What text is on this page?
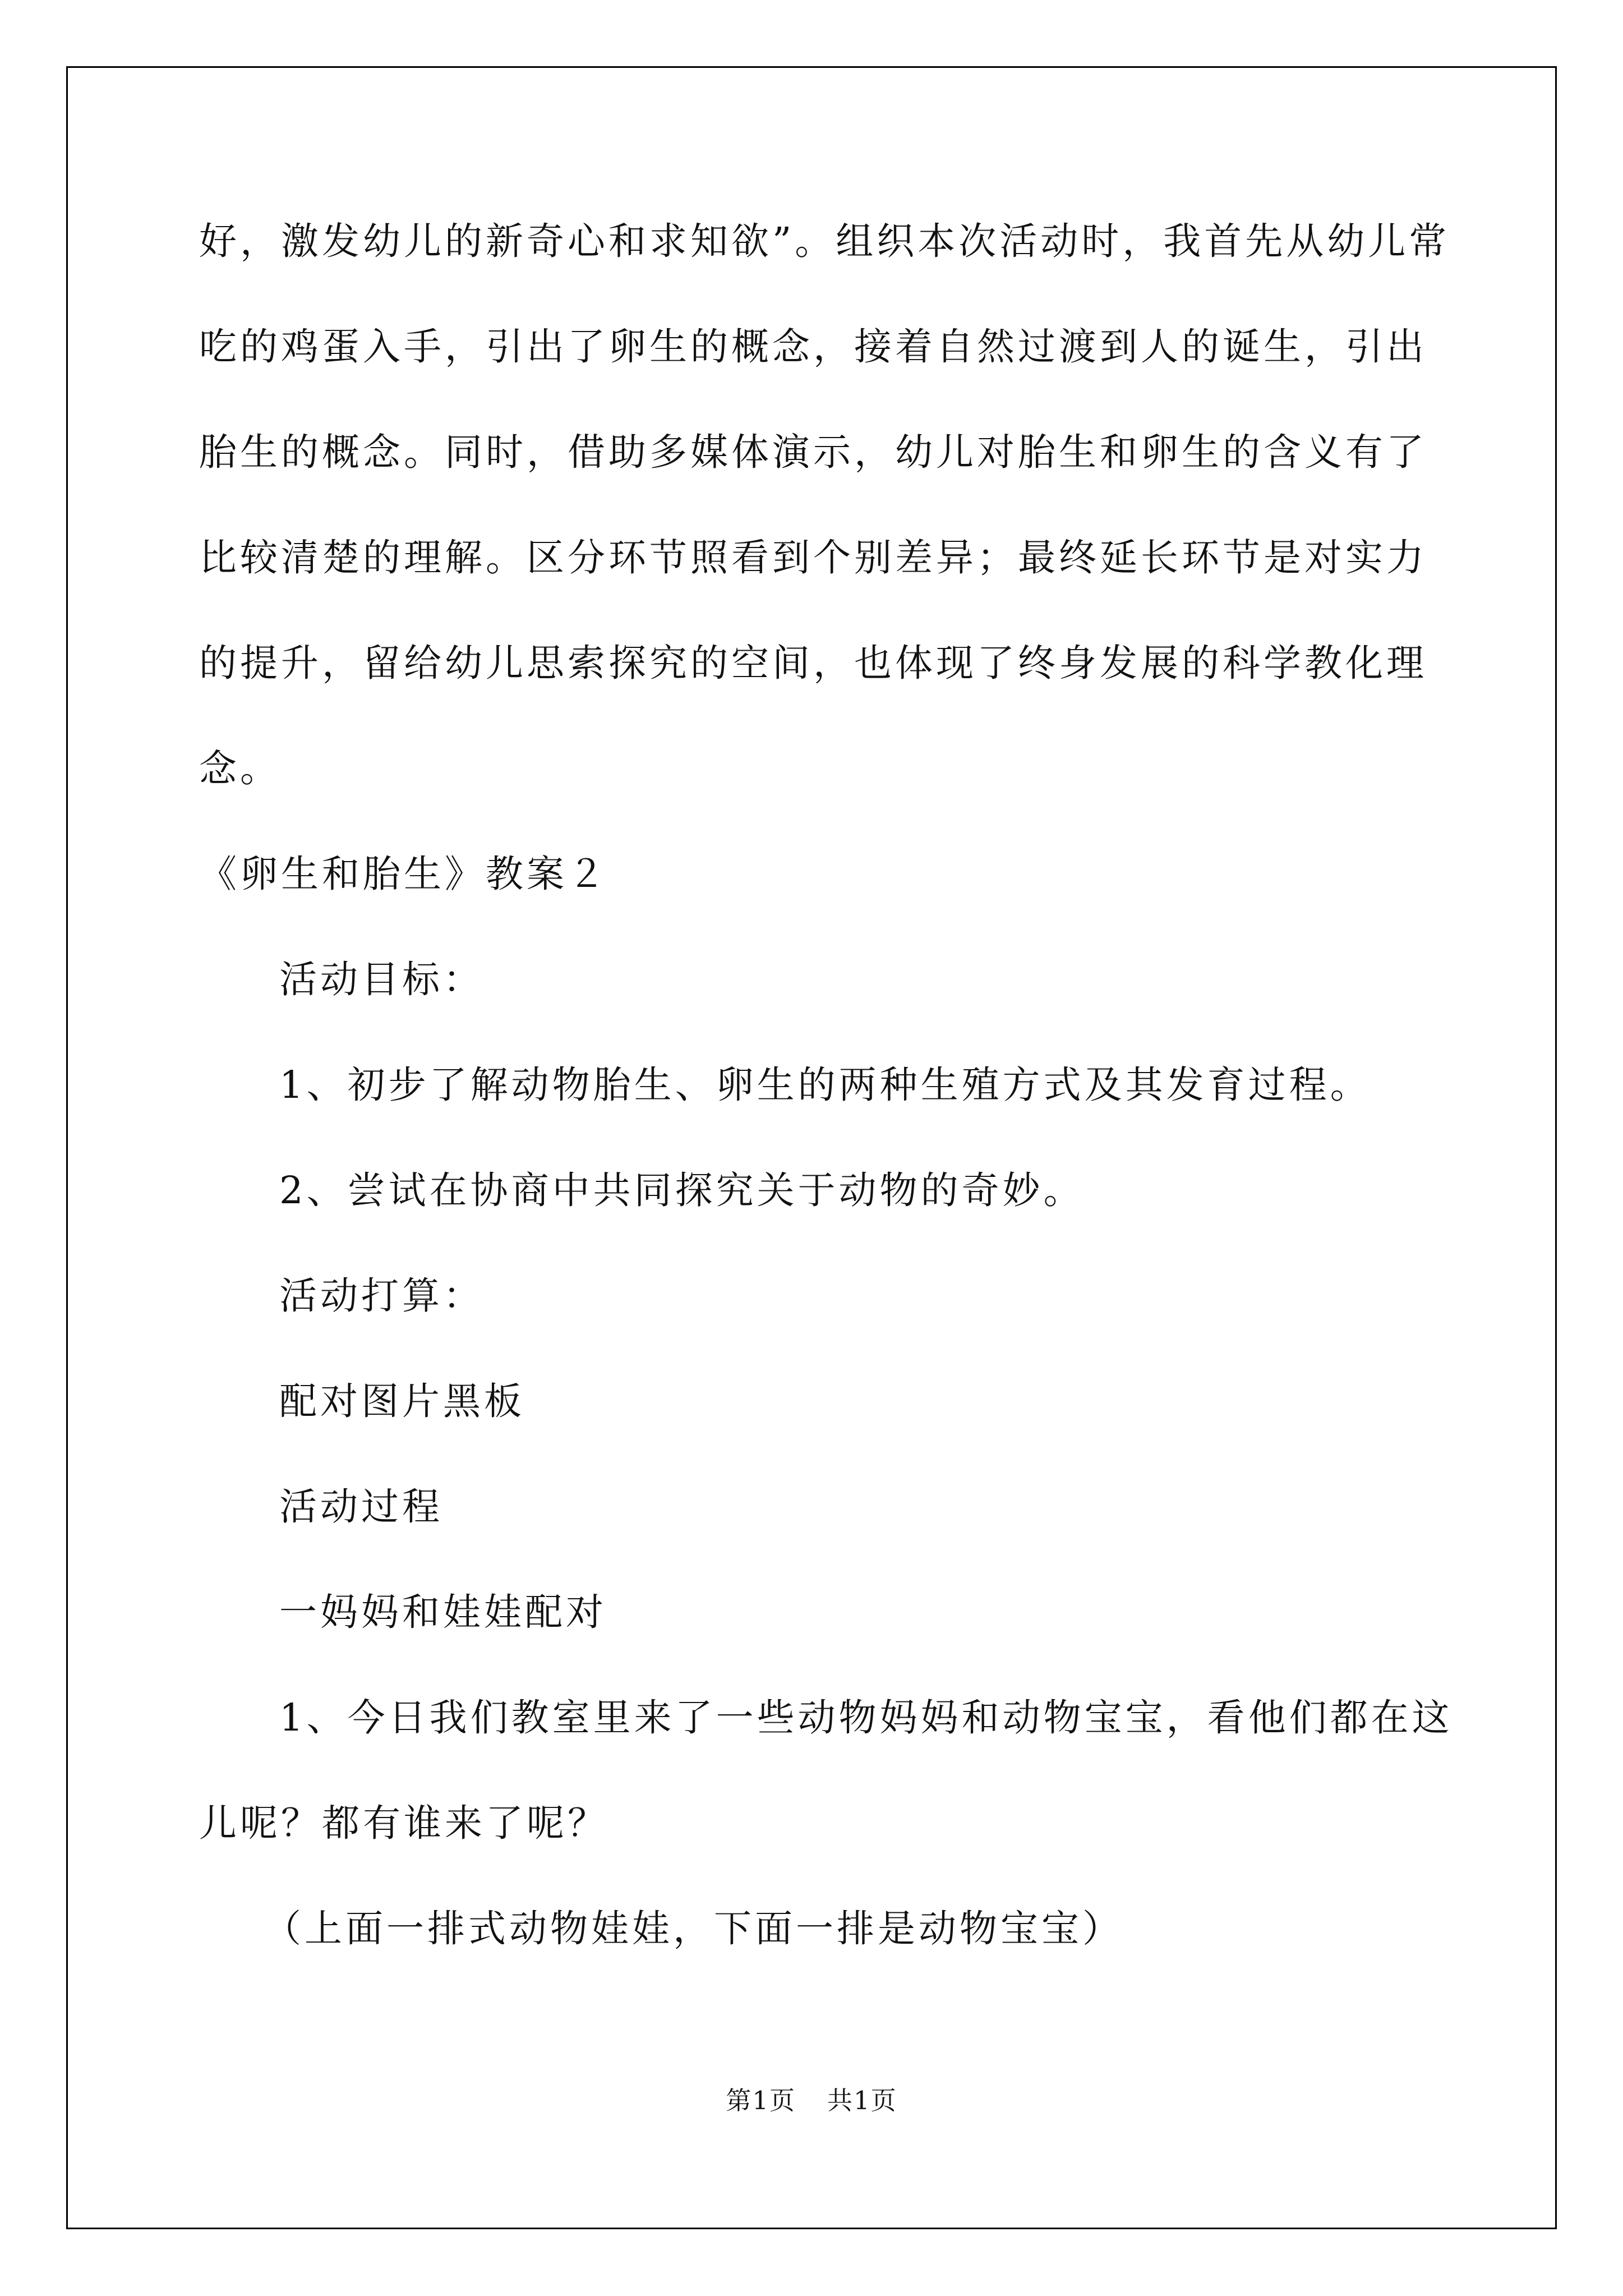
好，激发幼儿的新奇心和求知欲”。组织本次活动时，我首先从幼儿常
吃的鸡蛋入手，引出了卵生的概念，接着自然过渡到人的诞生，引出
胎生的概念。同时，借助多媒体演示，幼儿对胎生和卵生的含义有了
比较清楚的理解。区分环节照看到个别差异；最终延长环节是对实力
的提升，留给幼儿思索探究的空间，也体现了终身发展的科学教化理
念。
《卵生和胎生》教案２
活动目标：
1、初步了解动物胎生、卵生的两种生殖方式及其发育过程。
2、尝试在协商中共同探究关于动物的奇妙。
活动打算：
配对图片黑板
活动过程
一妈妈和娃娃配对
1、今日我们教室里来了一些动物妈妈和动物宝宝，看他们都在这
儿呢？都有谁来了呢？
（上面一排式动物娃娃，下面一排是动物宝宝）
第1页 共1页
